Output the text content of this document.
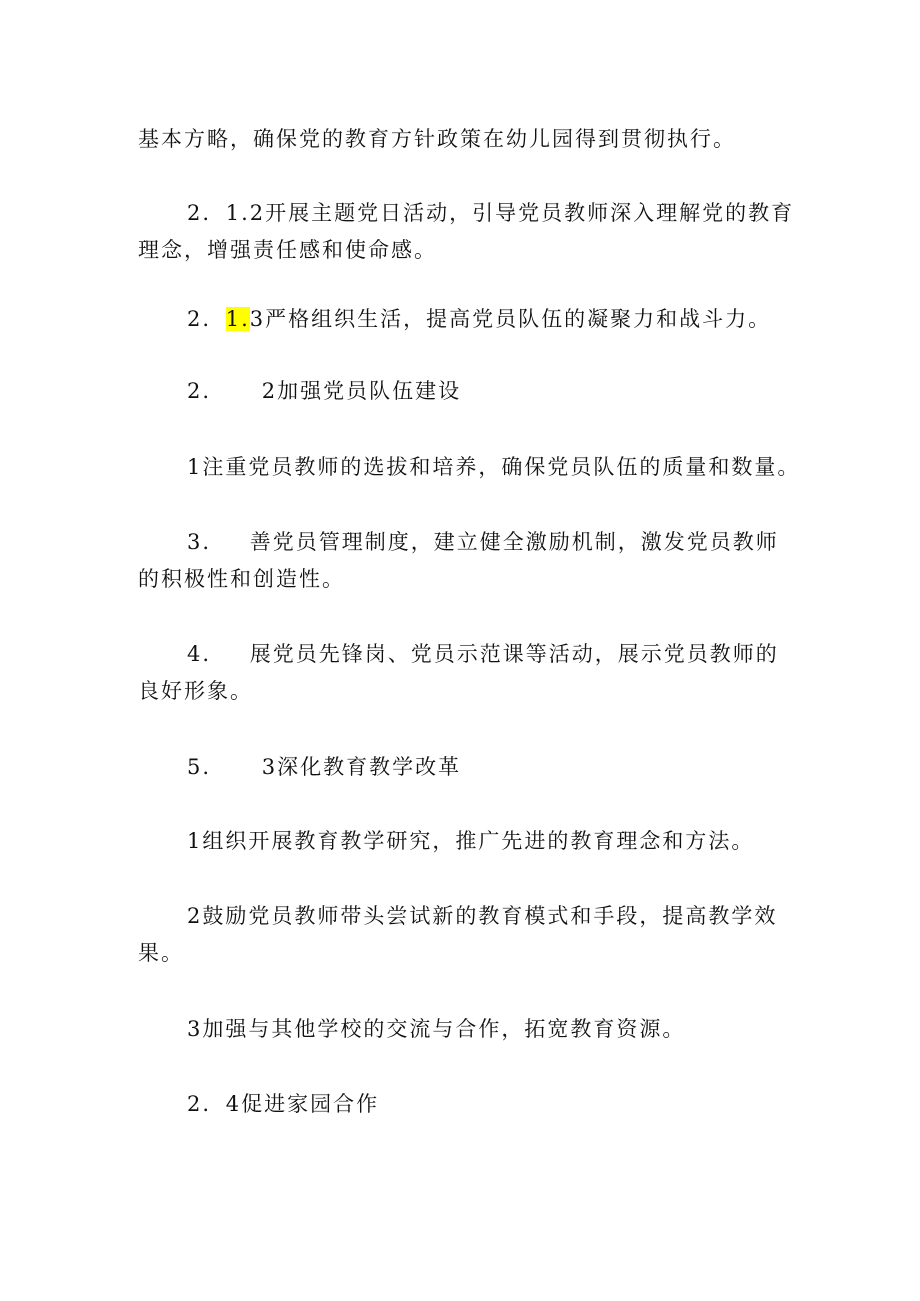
基本方略，确保党的教育方针政策在幼儿园得到贯彻执行。
2. 1.2开展主题党日活动，引导党员教师深入理解党的教育
理念，增强责任感和使命感。
2. 1.3严格组织生活，提高党员队伍的凝聚力和战斗力。
2. 2加强党员队伍建设
1注重党员教师的选拔和培养，确保党员队伍的质量和数量。
3. 善党员管理制度，建立健全激励机制，激发党员教师
的积极性和创造性。
4. 展党员先锋岗、党员示范课等活动，展示党员教师的
良好形象。
5. 3深化教育教学改革
1组织开展教育教学研究，推广先进的教育理念和方法。
2鼓励党员教师带头尝试新的教育模式和手段，提高教学效
果。
3加强与其他学校的交流与合作，拓宽教育资源。
2. 4促进家园合作
